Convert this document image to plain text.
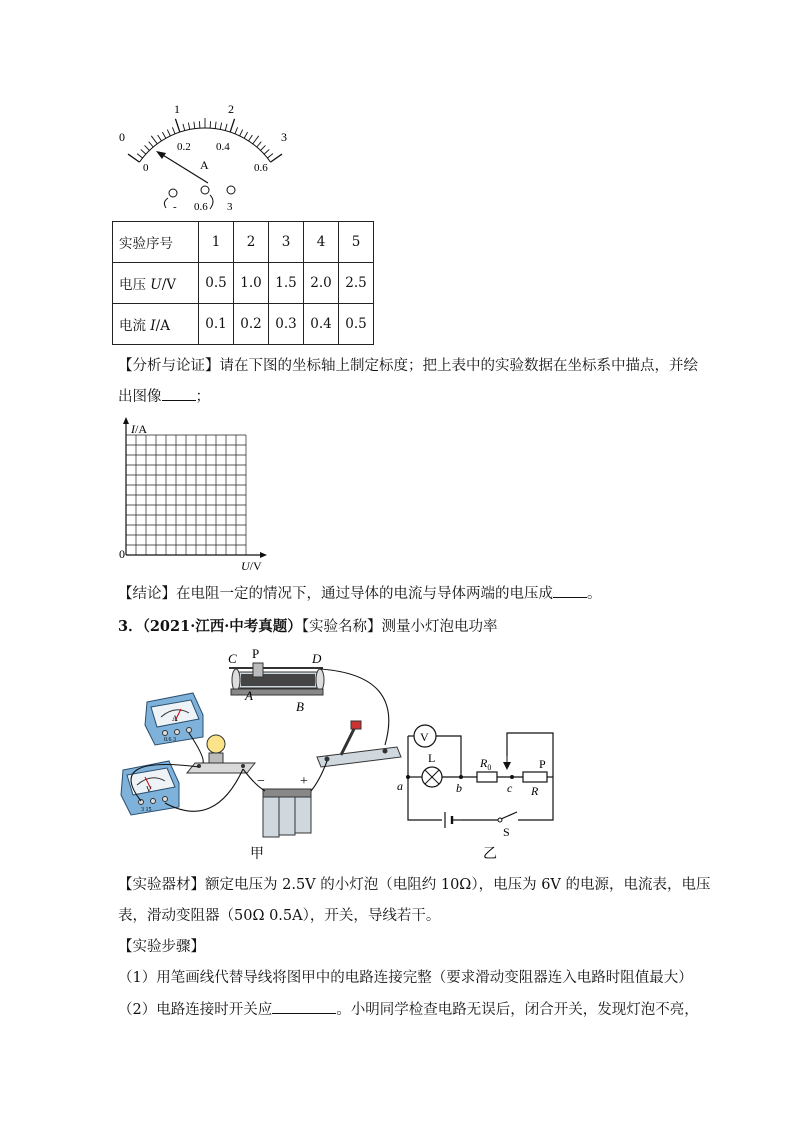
0
1	2
3
0
0.2 0.4
0.6
A
- 0.6 3
实验序号	1	2	3	4	5
电压 U/V	0.5	1.0	1.5	2.0	2.5
电流 I/A	0.1	0.2	0.3	0.4	0.5
【分析与论证】请在下图的坐标轴上制定标度；把上表中的实验数据在坐标系中描点，并绘
出图像 ；
I/A
U/V
0
【结论】在电阻一定的情况下，通过导体的电流与导体两端的电压成 。
3．（2021·江西·中考真题）【实验名称】测量小灯泡电功率
C P	D
A
B
A
0.6 3
V
3 15
−	+
甲
V
L	$R_0$	P
R
a	b	c
S
乙
【实验器材】额定电压为 2.5V 的小灯泡（电阻约 10Ω），电压为 6V 的电源，电流表，电压
表，滑动变阻器（50Ω 0.5A），开关，导线若干。
【实验步骤】
（1）用笔画线代替导线将图甲中的电路连接完整（要求滑动变阻器连入电路时阻值最大）
（2）电路连接时开关应	。小明同学检查电路无误后，闭合开关，发现灯泡不亮，
